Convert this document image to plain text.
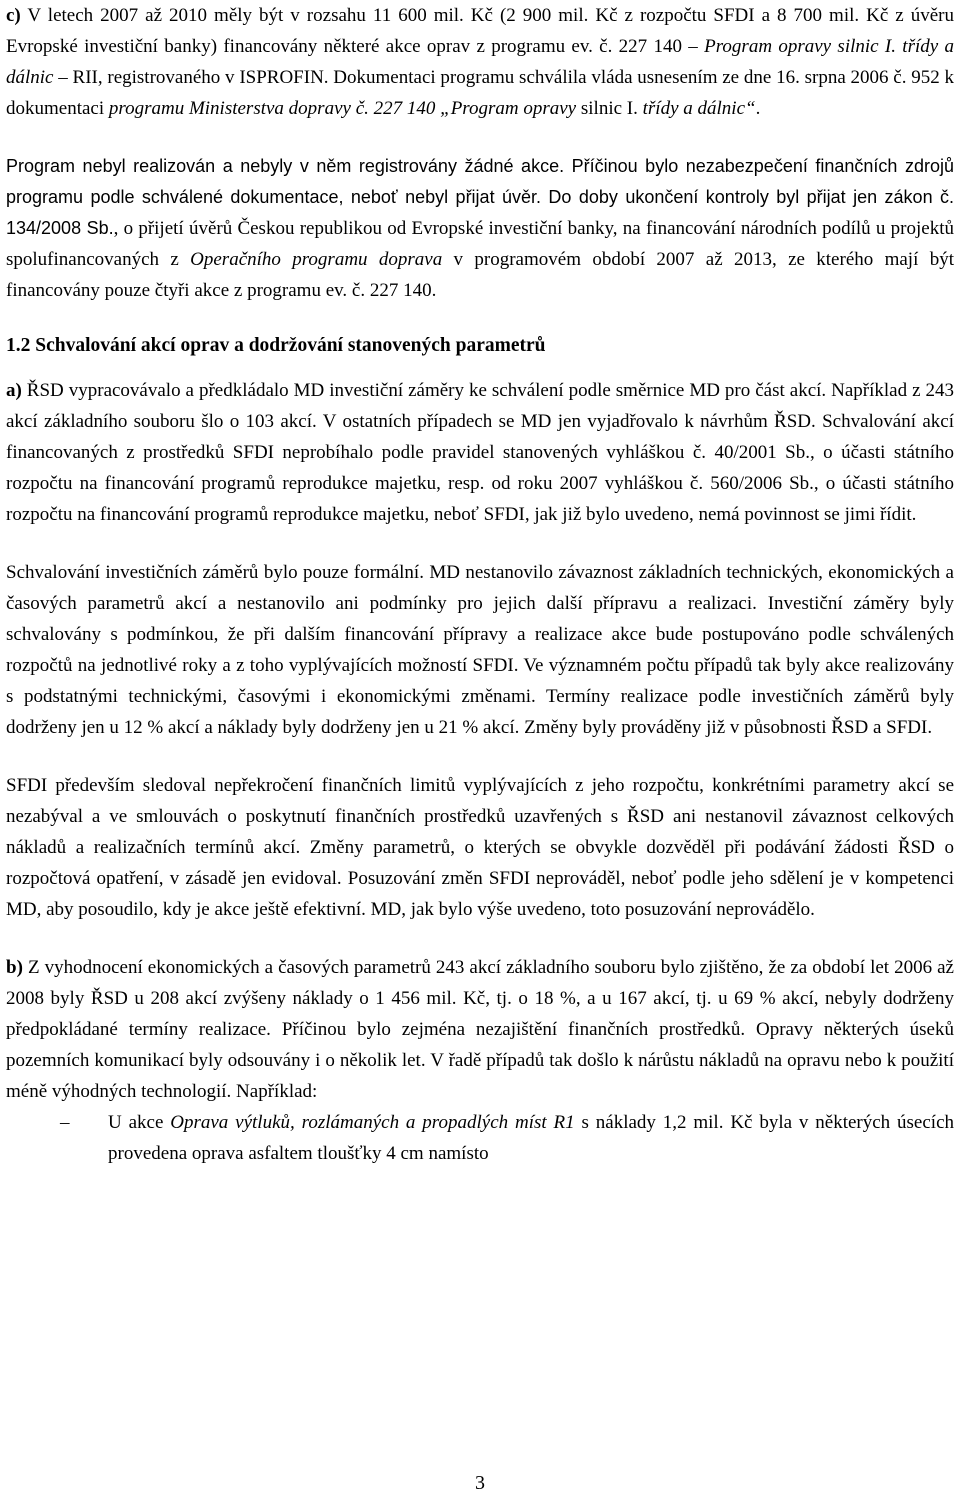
c) V letech 2007 až 2010 měly být v rozsahu 11 600 mil. Kč (2 900 mil. Kč z rozpočtu SFDI a 8 700 mil. Kč z úvěru Evropské investiční banky) financovány některé akce oprav z programu ev. č. 227 140 – Program opravy silnic I. třídy a dálnic – RII, registrovaného v ISPROFIN. Dokumentaci programu schválila vláda usnesením ze dne 16. srpna 2006 č. 952 k dokumentaci programu Ministerstva dopravy č. 227 140 „Program opravy silnic I. třídy a dálnic“.

Program nebyl realizován a nebyly v něm registrovány žádné akce. Příčinou bylo nezabezpečení finančních zdrojů programu podle schválené dokumentace, neboť nebyl přijat úvěr. Do doby ukončení kontroly byl přijat jen zákon č. 134/2008 Sb., o přijetí úvěrů Českou republikou od Evropské investiční banky, na financování národních podílů u projektů spolufinancovaných z Operačního programu doprava v programovém období 2007 až 2013, ze kterého mají být financovány pouze čtyři akce z programu ev. č. 227 140.

1.2 Schvalování akcí oprav a dodržování stanovených parametrů

a) ŘSD vypracovávalo a předkládalo MD investiční záměry ke schválení podle směrnice MD pro část akcí. Například z 243 akcí základního souboru šlo o 103 akcí. V ostatních případech se MD jen vyjadřovalo k návrhům ŘSD. Schvalování akcí financovaných z prostředků SFDI neprobíhalo podle pravidel stanovených vyhláškou č. 40/2001 Sb., o účasti státního rozpočtu na financování programů reprodukce majetku, resp. od roku 2007 vyhláškou č. 560/2006 Sb., o účasti státního rozpočtu na financování programů reprodukce majetku, neboť SFDI, jak již bylo uvedeno, nemá povinnost se jimi řídit.

Schvalování investičních záměrů bylo pouze formální. MD nestanovilo závaznost základních technických, ekonomických a časových parametrů akcí a nestanovilo ani podmínky pro jejich další přípravu a realizaci. Investiční záměry byly schvalovány s podmínkou, že při dalším financování přípravy a realizace akce bude postupováno podle schválených rozpočtů na jednotlivé roky a z toho vyplývajících možností SFDI. Ve významném počtu případů tak byly akce realizovány s podstatnými technickými, časovými i ekonomickými změnami. Termíny realizace podle investičních záměrů byly dodrženy jen u 12 % akcí a náklady byly dodrženy jen u 21 % akcí. Změny byly prováděny již v působnosti ŘSD a SFDI.

SFDI především sledoval nepřekročení finančních limitů vyplývajících z jeho rozpočtu, konkrétními parametry akcí se nezabýval a ve smlouvách o poskytnutí finančních prostředků uzavřených s ŘSD ani nestanovil závaznost celkových nákladů a realizačních termínů akcí. Změny parametrů, o kterých se obvykle dozvěděl při podávání žádosti ŘSD o rozpočtová opatření, v zásadě jen evidoval. Posuzování změn SFDI neprováděl, neboť podle jeho sdělení je v kompetenci MD, aby posoudilo, kdy je akce ještě efektivní. MD, jak bylo výše uvedeno, toto posuzování neprovádělo.

b) Z vyhodnocení ekonomických a časových parametrů 243 akcí základního souboru bylo zjištěno, že za období let 2006 až 2008 byly ŘSD u 208 akcí zvýšeny náklady o 1 456 mil. Kč, tj. o 18 %, a u 167 akcí, tj. u 69 % akcí, nebyly dodrženy předpokládané termíny realizace. Příčinou bylo zejména nezajištění finančních prostředků. Opravy některých úseků pozemních komunikací byly odsouvány i o několik let. V řadě případů tak došlo k nárůstu nákladů na opravu nebo k použití méně výhodných technologií. Například:

– U akce Oprava výtluků, rozlámaných a propadlých míst R1 s náklady 1,2 mil. Kč byla v některých úsecích provedena oprava asfaltem tloušťky 4 cm namísto
3
